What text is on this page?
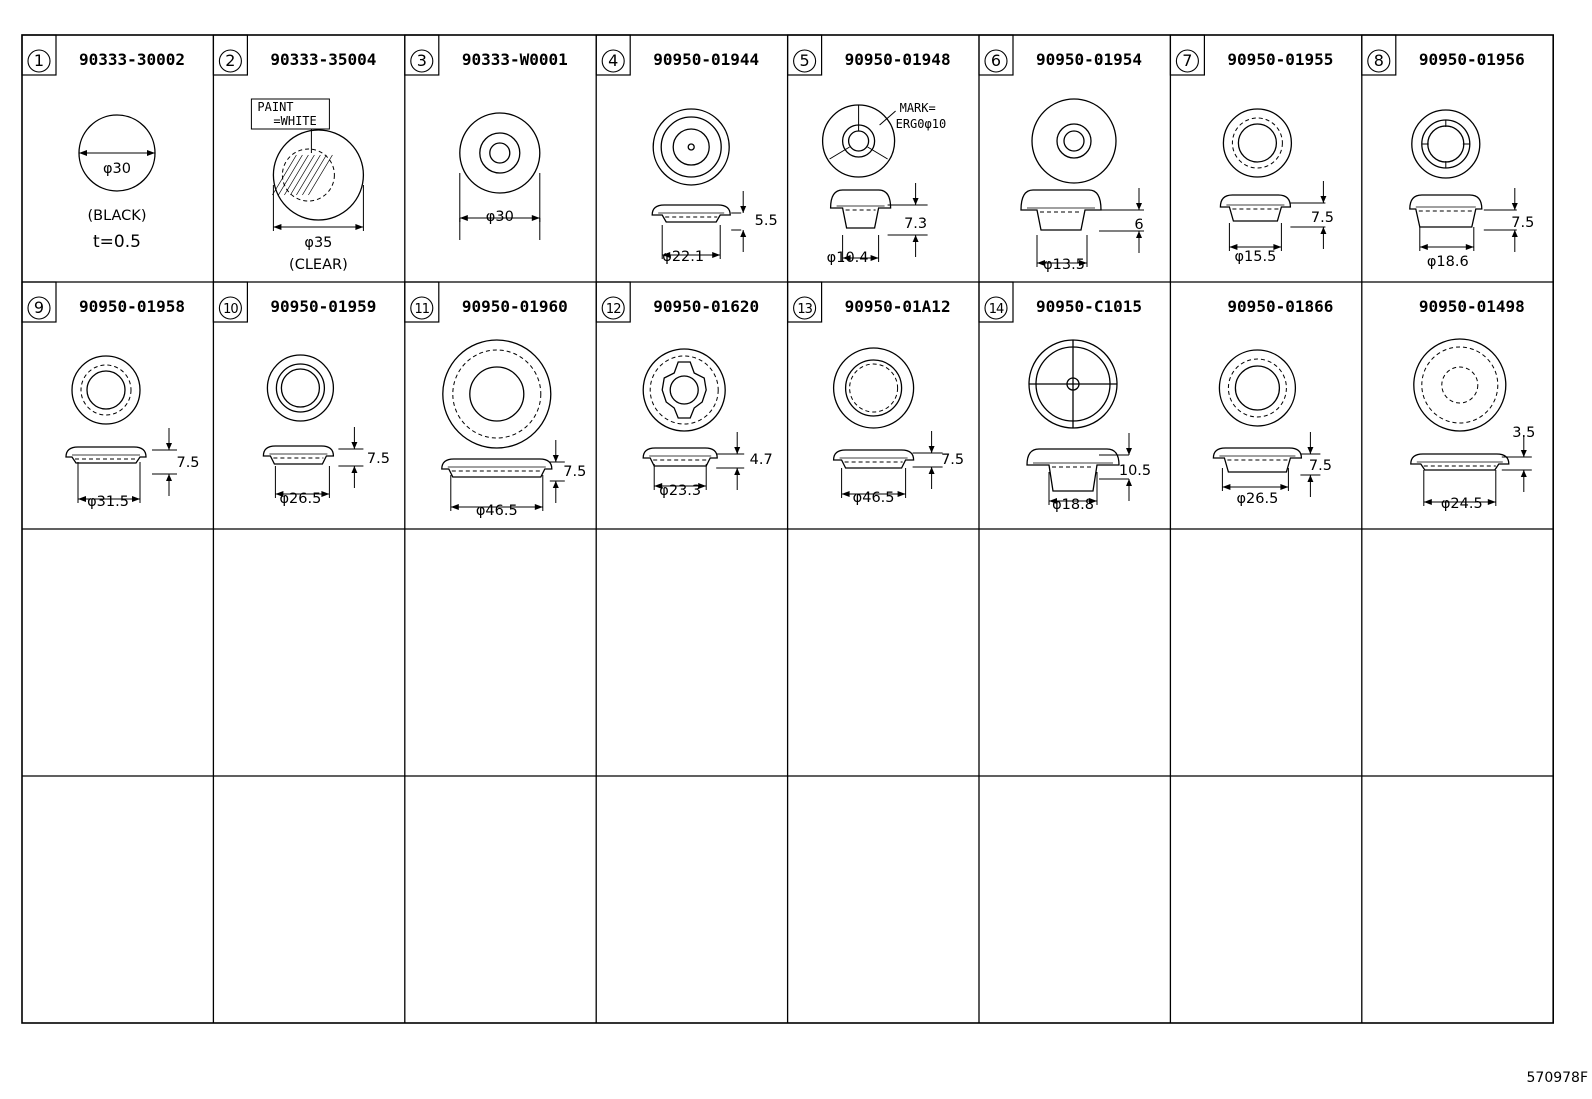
1 90333-30002
φ30
(BLACK)
t=0.5
2 90333-35004
PAINT
=WHITE
φ35
(CLEAR)
3 90333-W0001
φ30
4 90950-01944
φ22.1
5.5
5 90950-01948
MARK=
ERG0φ10
φ10.4
7.3
6 90950-01954
φ13.5
6
7 90950-01955
φ15.5
7.5
8 90950-01956
φ18.6
7.5
9 90950-01958
φ31.5
7.5
10 90950-01959
φ26.5
7.5
11 90950-01960
φ46.5
7.5
12 90950-01620
φ23.3
4.7
13 90950-01A12
φ46.5
7.5
14 90950-C1015
φ18.8
10.5
90950-01866
φ26.5
7.5
90950-01498
φ24.5
3.5
570978F
